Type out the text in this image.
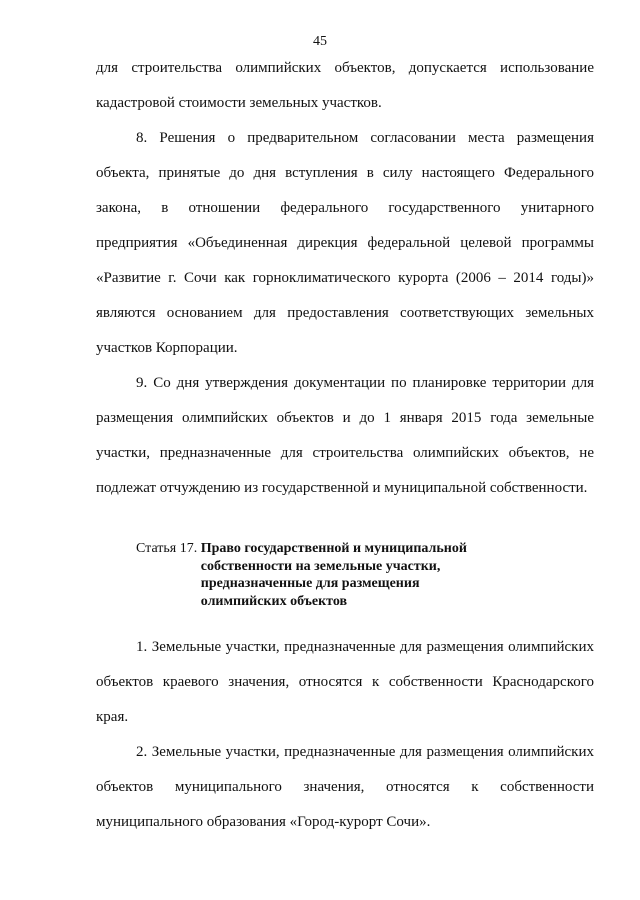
45

для строительства олимпийских объектов, допускается использование кадастровой стоимости земельных участков.

8. Решения о предварительном согласовании места размещения объекта, принятые до дня вступления в силу настоящего Федерального закона, в отношении федерального государственного унитарного предприятия «Объединенная дирекция федеральной целевой программы «Развитие г. Сочи как горноклиматического курорта (2006 – 2014 годы)» являются основанием для предоставления соответствующих земельных участков Корпорации.

9. Со дня утверждения документации по планировке территории для размещения олимпийских объектов и до 1 января 2015 года земельные участки, предназначенные для строительства олимпийских объектов, не подлежат отчуждению из государственной и муниципальной собственности.

Статья 17.
Право государственной и муниципальной
собственности на земельные участки,
предназначенные для размещения
олимпийских объектов

1. Земельные участки, предназначенные для размещения олимпийских объектов краевого значения, относятся к собственности Краснодарского края.

2. Земельные участки, предназначенные для размещения олимпийских объектов муниципального значения, относятся к собственности муниципального образования «Город-курорт Сочи».
